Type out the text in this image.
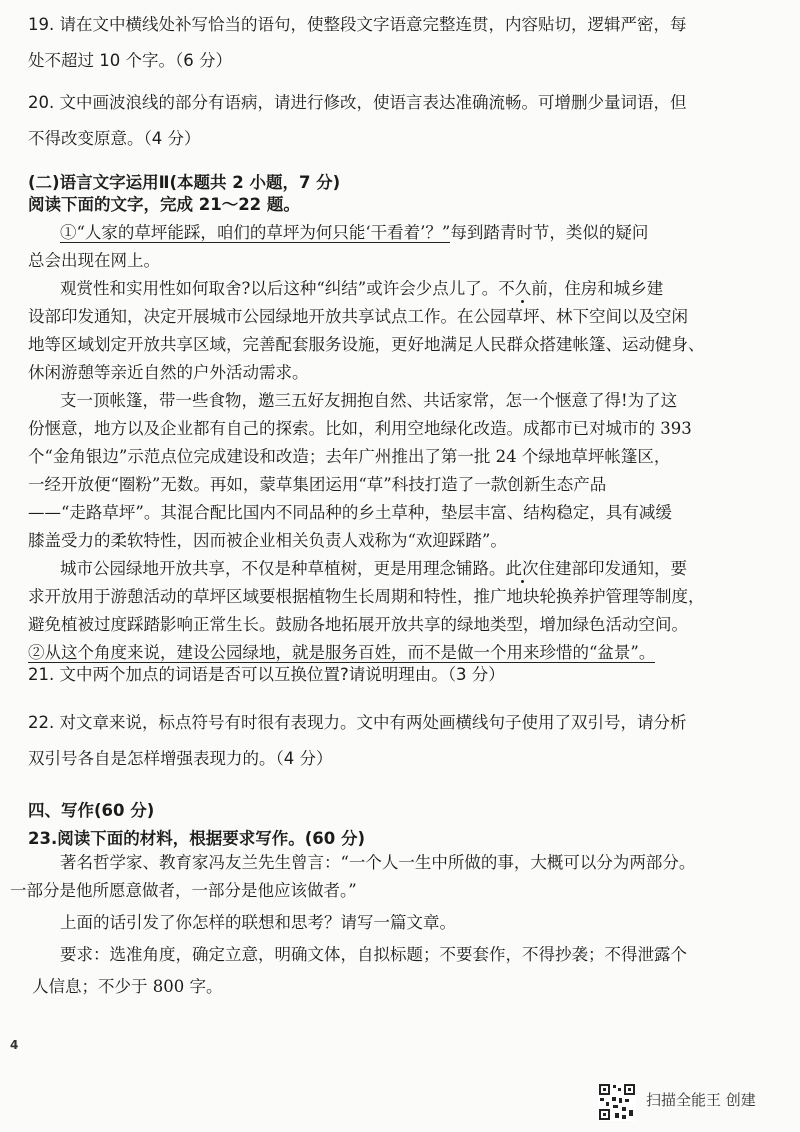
19. 请在文中横线处补写恰当的语句，使整段文字语意完整连贯，内容贴切，逻辑严密，每
处不超过 10 个字。（6 分）
20. 文中画波浪线的部分有语病，请进行修改，使语言表达准确流畅。可增删少量词语，但
不得改变原意。（4 分）
(二)语言文字运用Ⅱ(本题共 2 小题，7 分)
阅读下面的文字，完成 21～22 题。
①“人家的草坪能踩，咱们的草坪为何只能‘干看着’？”每到踏青时节，类似的疑问
总会出现在网上。
观赏性和实用性如何取舍?以后这种“纠结”或许会少点儿了。不久前，住房和城乡建
设部印发通知，决定开展城市公园绿地开放共享试点工作。在公园草坪、林下空间以及空闲
地等区域划定开放共享区域，完善配套服务设施，更好地满足人民群众搭建帐篷、运动健身、
休闲游憩等亲近自然的户外活动需求。
支一顶帐篷，带一些食物，邀三五好友拥抱自然、共话家常，怎一个惬意了得!为了这
份惬意，地方以及企业都有自己的探索。比如，利用空地绿化改造。成都市已对城市的 393
个“金角银边”示范点位完成建设和改造；去年广州推出了第一批 24 个绿地草坪帐篷区，
一经开放便“圈粉”无数。再如，蒙草集团运用“草”科技打造了一款创新生态产品
——“走路草坪”。其混合配比国内不同品种的乡土草种，垫层丰富、结构稳定，具有减缓
膝盖受力的柔软特性，因而被企业相关负责人戏称为“欢迎踩踏”。
城市公园绿地开放共享，不仅是种草植树，更是用理念铺路。此次住建部印发通知，要
求开放用于游憩活动的草坪区域要根据植物生长周期和特性，推广地块轮换养护管理等制度，
避免植被过度踩踏影响正常生长。鼓励各地拓展开放共享的绿地类型，增加绿色活动空间。
②从这个角度来说，建设公园绿地，就是服务百姓，而不是做一个用来珍惜的“盆景”。
21. 文中两个加点的词语是否可以互换位置?请说明理由。（3 分）
22. 对文章来说，标点符号有时很有表现力。文中有两处画横线句子使用了双引号，请分析
双引号各自是怎样增强表现力的。（4 分）
四、写作(60 分)
23.阅读下面的材料，根据要求写作。(60 分)
著名哲学家、教育家冯友兰先生曾言：“一个人一生中所做的事，大概可以分为两部分。
一部分是他所愿意做者，一部分是他应该做者。”
上面的话引发了你怎样的联想和思考？请写一篇文章。
要求：选准角度，确定立意，明确文体，自拟标题；不要套作，不得抄袭；不得泄露个
人信息；不少于 800 字。
4
扫描全能王 创建
